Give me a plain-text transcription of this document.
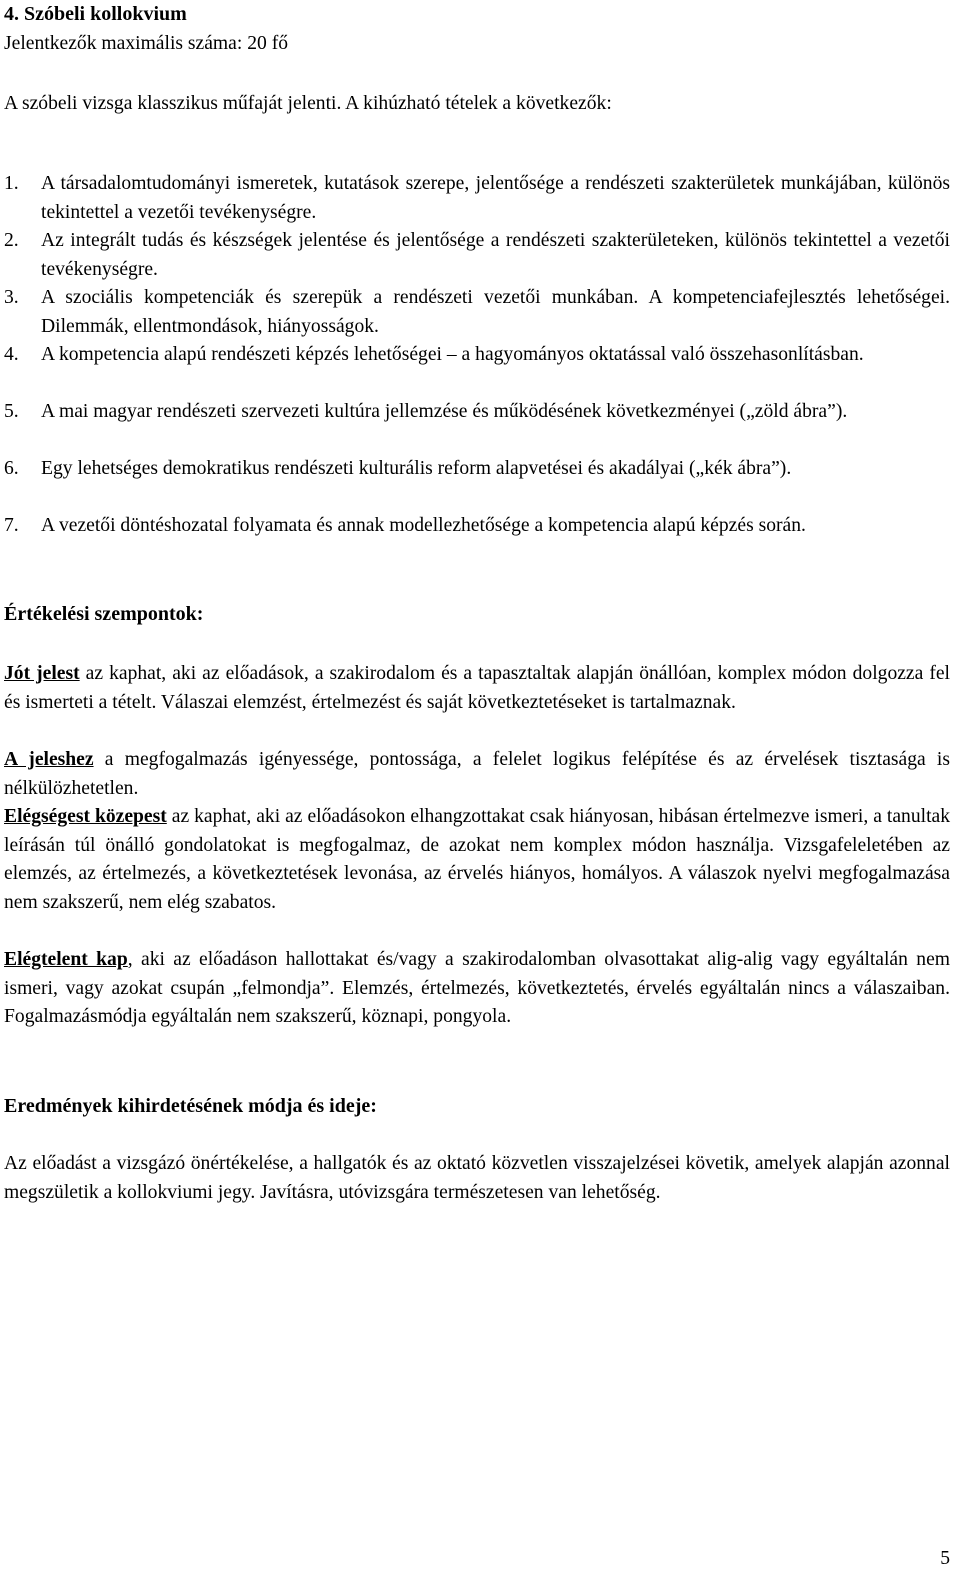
4. Szóbeli kollokvium
Jelentkezők maximális száma: 20 fő
A szóbeli vizsga klasszikus műfaját jelenti. A kihúzható tételek a következők:
1.	A társadalomtudományi ismeretek, kutatások szerepe, jelentősége a rendészeti szakterületek munkájában, különös tekintettel a vezetői tevékenységre.
2.	Az integrált tudás és készségek jelentése és jelentősége a rendészeti szakterületeken, különös tekintettel a vezetői tevékenységre.
3.	A szociális kompetenciák és szerepük a rendészeti vezetői munkában. A kompetenciafejlesztés lehetőségei. Dilemmák, ellentmondások, hiányosságok.
4.	A kompetencia alapú rendészeti képzés lehetőségei – a hagyományos oktatással való összehasonlításban.
5.	A mai magyar rendészeti szervezeti kultúra jellemzése és működésének következményei („zöld ábra”).
6.	Egy lehetséges demokratikus rendészeti kulturális reform alapvetései és akadályai („kék ábra”).
7.	A vezetői döntéshozatal folyamata és annak modellezhetősége a kompetencia alapú képzés során.
Értékelési szempontok:
Jót jelest az kaphat, aki az előadások, a szakirodalom és a tapasztaltak alapján önállóan, komplex módon dolgozza fel és ismerteti a tételt. Válaszai elemzést, értelmezést és saját következtetéseket is tartalmaznak.
A jeleshez a megfogalmazás igényessége, pontossága, a felelet logikus felépítése és az érvelések tisztasága is nélkülözhetetlen.
Elégségest közepest az kaphat, aki az előadásokon elhangzottakat csak hiányosan, hibásan értelmezve ismeri, a tanultak leírásán túl önálló gondolatokat is megfogalmaz, de azokat nem komplex módon használja. Vizsgafeleletében az elemzés, az értelmezés, a következtetések levonása, az érvelés hiányos, homályos. A válaszok nyelvi megfogalmazása nem szakszerű, nem elég szabatos.
Elégtelent kap, aki az előadáson hallottakat és/vagy a szakirodalomban olvasottakat alig-alig vagy egyáltalán nem ismeri, vagy azokat csupán „felmondja”. Elemzés, értelmezés, következtetés, érvelés egyáltalán nincs a válaszaiban. Fogalmazásmódja egyáltalán nem szakszerű, köznapi, pongyola.
Eredmények kihirdetésének módja és ideje:
Az előadást a vizsgázó önértékelése, a hallgatók és az oktató közvetlen visszajelzései követik, amelyek alapján azonnal megszületik a kollokviumi jegy. Javításra, utóvizsgára természetesen van lehetőség.
5
